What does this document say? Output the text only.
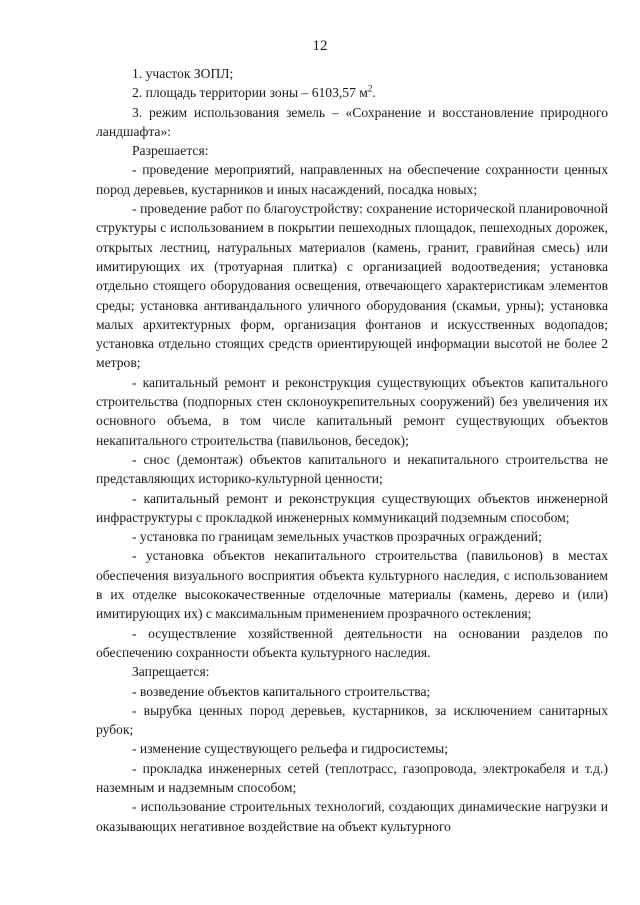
12

1. участок ЗОПЛ;

2. площадь территории зоны – 6103,57 $м^2$.

3. режим использования земель – «Сохранение и восстановление природного ландшафта»:

Разрешается:

- проведение мероприятий, направленных на обеспечение сохранности ценных пород деревьев, кустарников и иных насаждений, посадка новых;

- проведение работ по благоустройству: сохранение исторической планировочной структуры с использованием в покрытии пешеходных площадок, пешеходных дорожек, открытых лестниц, натуральных материалов (камень, гранит, гравийная смесь) или имитирующих их (тротуарная плитка) с организацией водоотведения; установка отдельно стоящего оборудования освещения, отвечающего характеристикам элементов среды; установка антивандального уличного оборудования (скамьи, урны); установка малых архитектурных форм, организация фонтанов и искусственных водопадов; установка отдельно стоящих средств ориентирующей информации высотой не более 2 метров;

- капитальный ремонт и реконструкция существующих объектов капитального строительства (подпорных стен склоноукрепительных сооружений) без увеличения их основного объема, в том числе капитальный ремонт существующих объектов некапитального строительства (павильонов, беседок);

- снос (демонтаж) объектов капитального и некапитального строительства не представляющих историко-культурной ценности;

- капитальный ремонт и реконструкция существующих объектов инженерной инфраструктуры с прокладкой инженерных коммуникаций подземным способом;

- установка по границам земельных участков прозрачных ограждений;

- установка объектов некапитального строительства (павильонов) в местах обеспечения визуального восприятия объекта культурного наследия, с использованием в их отделке высококачественные отделочные материалы (камень, дерево и (или) имитирующих их) с максимальным применением прозрачного остекления;

- осуществление хозяйственной деятельности на основании разделов по обеспечению сохранности объекта культурного наследия.

Запрещается:

- возведение объектов капитального строительства;

- вырубка ценных пород деревьев, кустарников, за исключением санитарных рубок;

- изменение существующего рельефа и гидросистемы;

- прокладка инженерных сетей (теплотрасс, газопровода, электрокабеля и т.д.) наземным и надземным способом;

- использование строительных технологий, создающих динамические нагрузки и оказывающих негативное воздействие на объект культурного
